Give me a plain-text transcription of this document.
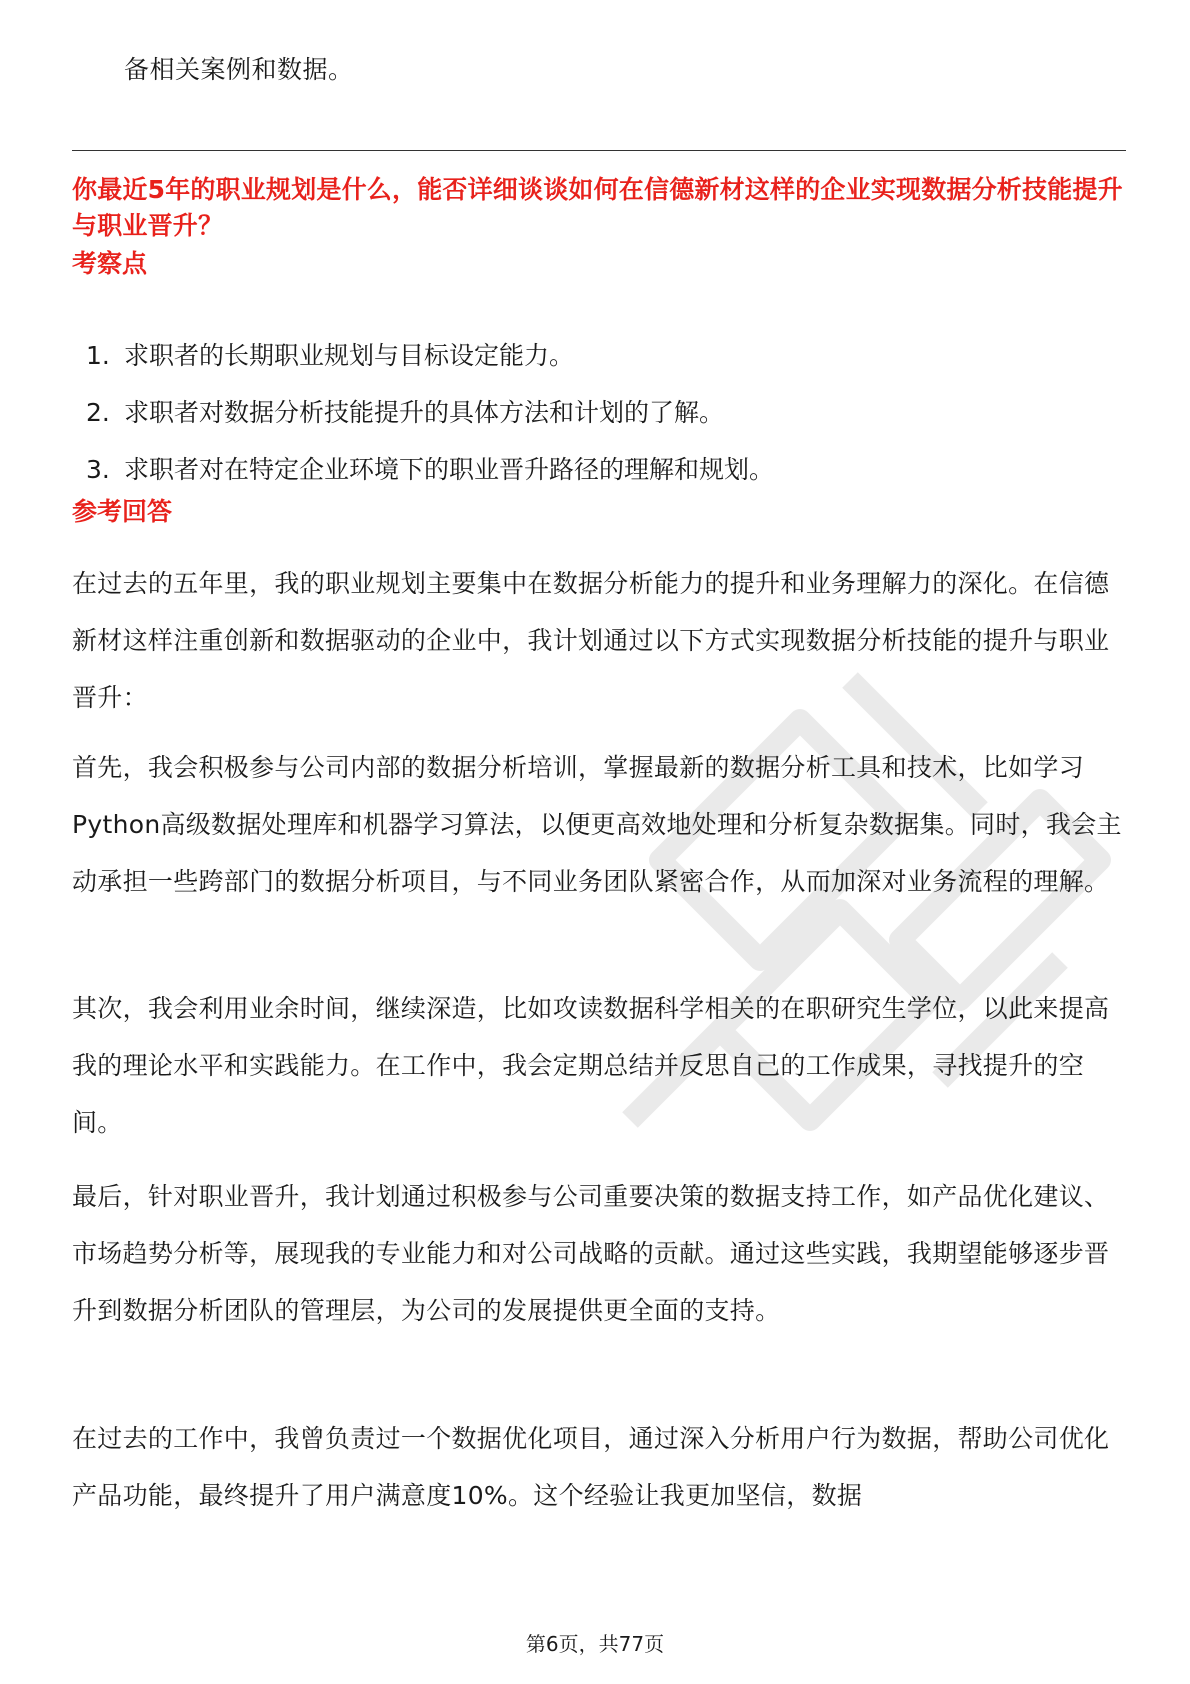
备相关案例和数据。
你最近5年的职业规划是什么，能否详细谈谈如何在信德新材这样的企业实现数据分析技能提升与职业晋升？
考察点
1. 求职者的长期职业规划与目标设定能力。
2. 求职者对数据分析技能提升的具体方法和计划的了解。
3. 求职者对在特定企业环境下的职业晋升路径的理解和规划。
参考回答

在过去的五年里，我的职业规划主要集中在数据分析能力的提升和业务理解力的深化。在信德新材这样注重创新和数据驱动的企业中，我计划通过以下方式实现数据分析技能的提升与职业晋升：

首先，我会积极参与公司内部的数据分析培训，掌握最新的数据分析工具和技术，比如学习Python高级数据处理库和机器学习算法，以便更高效地处理和分析复杂数据集。同时，我会主动承担一些跨部门的数据分析项目，与不同业务团队紧密合作，从而加深对业务流程的理解。

其次，我会利用业余时间，继续深造，比如攻读数据科学相关的在职研究生学位，以此来提高我的理论水平和实践能力。在工作中，我会定期总结并反思自己的工作成果，寻找提升的空间。

最后，针对职业晋升，我计划通过积极参与公司重要决策的数据支持工作，如产品优化建议、市场趋势分析等，展现我的专业能力和对公司战略的贡献。通过这些实践，我期望能够逐步晋升到数据分析团队的管理层，为公司的发展提供更全面的支持。

在过去的工作中，我曾负责过一个数据优化项目，通过深入分析用户行为数据，帮助公司优化产品功能，最终提升了用户满意度10%。这个经验让我更加坚信，数据

第6页，共77页
